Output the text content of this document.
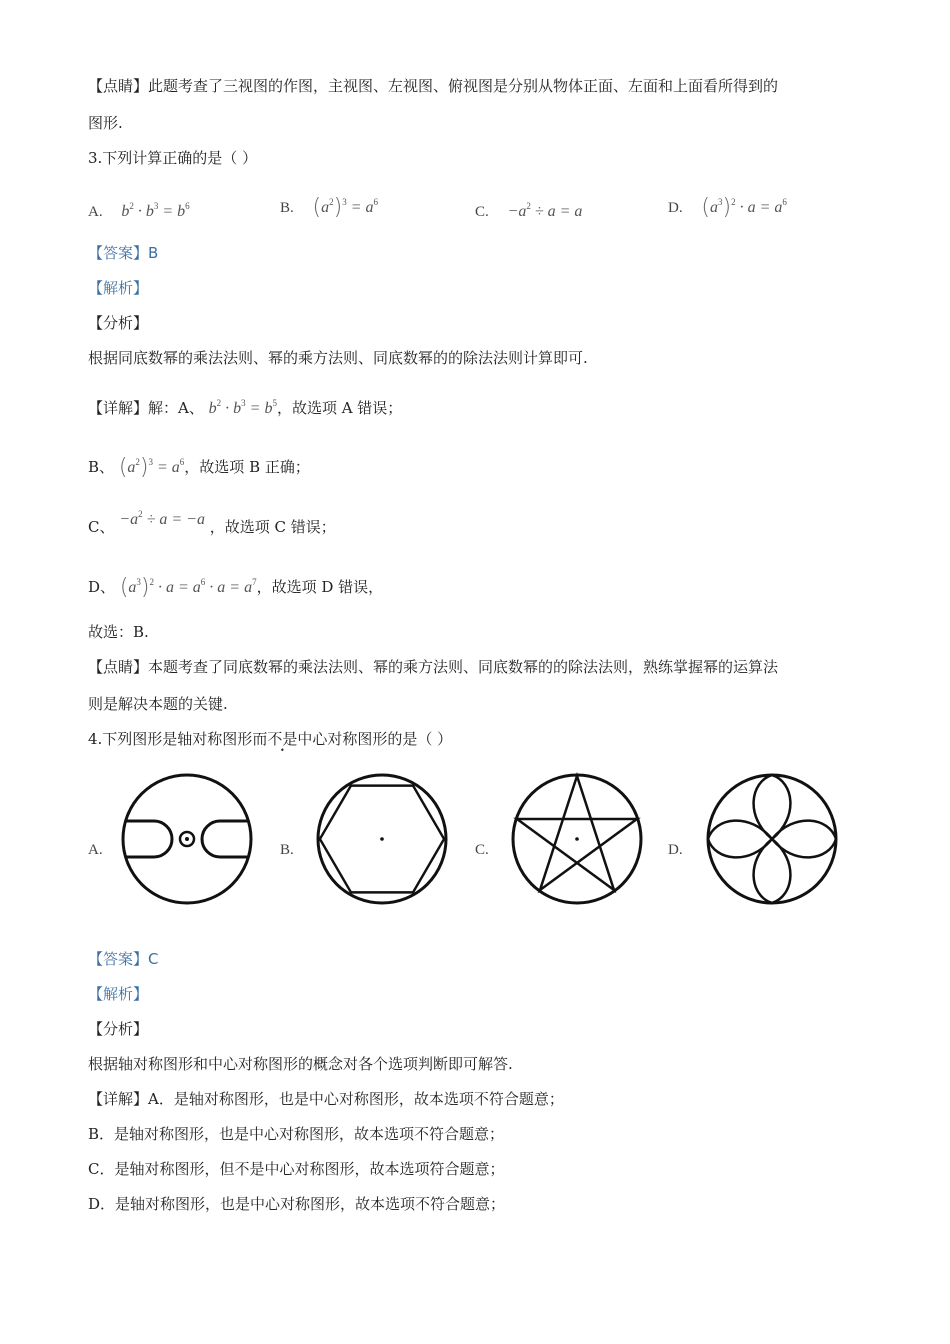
【点睛】此题考查了三视图的作图，主视图、左视图、俯视图是分别从物体正面、左面和上面看所得到的
图形.
3.下列计算正确的是（ ）
A. $b^2 \cdot b^3 = b^6$	B. $(a^2)^3 = a^6$
C. $-a^2 \div a = a$	D. $(a^3)^2 \cdot a = a^6$
【答案】B
【解析】
【分析】
根据同底数幂的乘法法则、幂的乘方法则、同底数幂的的除法法则计算即可.
【详解】解：A、 $b^2 \cdot b^3 = b^5$，故选项 A 错误；
B、 $(a^2)^3 = a^6$，故选项 B 正确；
C、 $-a^2 \div a = -a$ ，故选项 C 错误；
D、 $(a^3)^2 \cdot a = a^6 \cdot a = a^7$，故选项 D 错误，
故选：B.
【点睛】本题考查了同底数幂的乘法法则、幂的乘方法则、同底数幂的的除法法则，熟练掌握幂的运算法
则是解决本题的关键.
4.下列图形是轴对称图形而不是中心对称图形的是（ ）
A.	B.	C.	D.
【答案】C
【解析】
【分析】
根据轴对称图形和中心对称图形的概念对各个选项判断即可解答.
【详解】A．是轴对称图形，也是中心对称图形，故本选项不符合题意；
B．是轴对称图形，也是中心对称图形，故本选项不符合题意；
C．是轴对称图形，但不是中心对称图形，故本选项符合题意；
D．是轴对称图形，也是中心对称图形，故本选项不符合题意；
